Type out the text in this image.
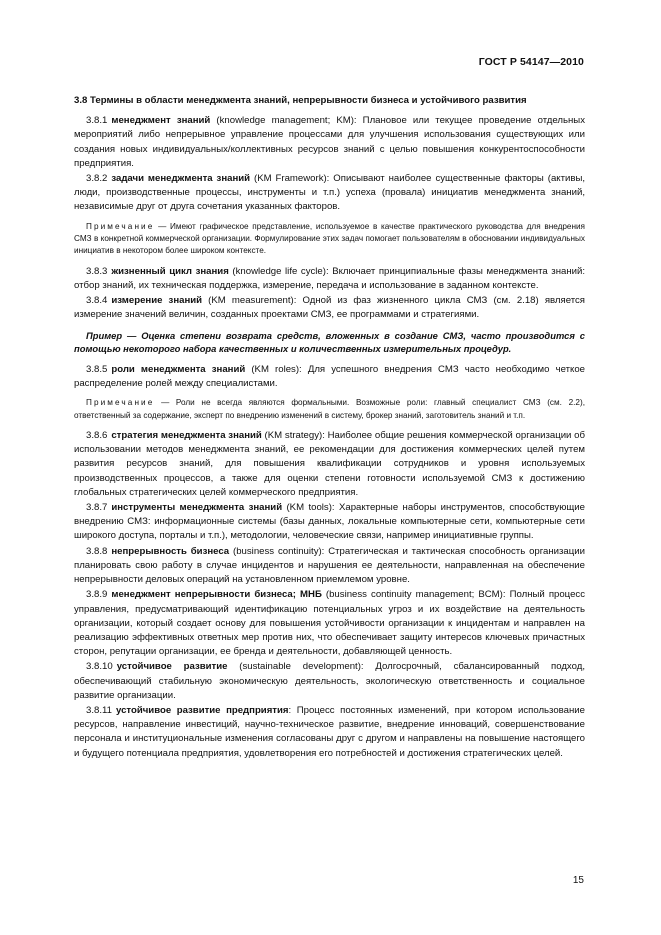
ГОСТ Р 54147—2010

3.8 Термины в области менеджмента знаний, непрерывности бизнеса и устойчивого развития

3.8.1 менеджмент знаний (knowledge management; KM): Плановое или текущее проведение отдельных мероприятий либо непрерывное управление процессами для улучшения использования существующих или создания новых индивидуальных/коллективных ресурсов знаний с целью повышения конкурентоспособности предприятия.

3.8.2 задачи менеджмента знаний (KM Framework): Описывают наиболее существенные факторы (активы, люди, производственные процессы, инструменты и т.п.) успеха (провала) инициатив менеджмента знаний, независимые друг от друга сочетания указанных факторов.

Примечание — Имеют графическое представление, используемое в качестве практического руководства для внедрения СМЗ в конкретной коммерческой организации. Формулирование этих задач помогает пользователям в обосновании индивидуальных инициатив в некотором более широком контексте.

3.8.3 жизненный цикл знания (knowledge life cycle): Включает принципиальные фазы менеджмента знаний: отбор знаний, их техническая поддержка, измерение, передача и использование в заданном контексте.

3.8.4 измерение знаний (KM measurement): Одной из фаз жизненного цикла СМЗ (см. 2.18) является измерение значений величин, созданных проектами СМЗ, ее программами и стратегиями.

Пример — Оценка степени возврата средств, вложенных в создание СМЗ, часто производится с помощью некоторого набора качественных и количественных измерительных процедур.

3.8.5 роли менеджмента знаний (KM roles): Для успешного внедрения СМЗ часто необходимо четкое распределение ролей между специалистами.

Примечание — Роли не всегда являются формальными. Возможные роли: главный специалист СМЗ (см. 2.2), ответственный за содержание, эксперт по внедрению изменений в систему, брокер знаний, заготовитель знаний и т.п.

3.8.6 стратегия менеджмента знаний (KM strategy): Наиболее общие решения коммерческой организации об использовании методов менеджмента знаний, ее рекомендации для достижения коммерческих целей путем развития ресурсов знаний, для повышения квалификации сотрудников и уровня используемых производственных процессов, а также для оценки степени готовности используемой СМЗ к достижению глобальных стратегических целей коммерческого предприятия.

3.8.7 инструменты менеджмента знаний (KM tools): Характерные наборы инструментов, способствующие внедрению СМЗ: информационные системы (базы данных, локальные компьютерные сети, компьютерные сети широкого доступа, порталы и т.п.), методологии, человеческие связи, например инициативные группы.

3.8.8 непрерывность бизнеса (business continuity): Стратегическая и тактическая способность организации планировать свою работу в случае инцидентов и нарушения ее деятельности, направленная на обеспечение непрерывности деловых операций на установленном приемлемом уровне.

3.8.9 менеджмент непрерывности бизнеса; МНБ (business continuity management; BCM): Полный процесс управления, предусматривающий идентификацию потенциальных угроз и их воздействие на деятельность организации, который создает основу для повышения устойчивости организации к инцидентам и направлен на реализацию эффективных ответных мер против них, что обеспечивает защиту интересов ключевых причастных сторон, репутации организации, ее бренда и деятельности, добавляющей ценность.

3.8.10 устойчивое развитие (sustainable development): Долгосрочный, сбалансированный подход, обеспечивающий стабильную экономическую деятельность, экологическую ответственность и социальное развитие организации.

3.8.11 устойчивое развитие предприятия: Процесс постоянных изменений, при котором использование ресурсов, направление инвестиций, научно-техническое развитие, внедрение инноваций, совершенствование персонала и институциональные изменения согласованы друг с другом и направлены на повышение настоящего и будущего потенциала предприятия, удовлетворения его потребностей и достижения стратегических целей.

15
